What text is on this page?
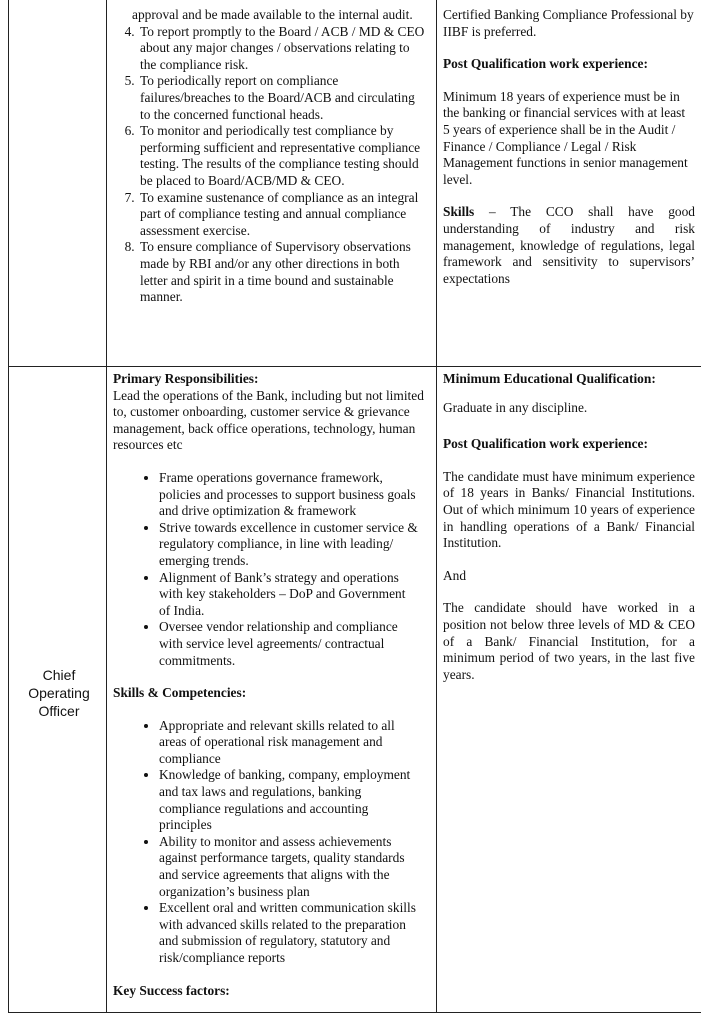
approval and be made available to the internal audit.
4. To report promptly to the Board / ACB / MD & CEO about any major changes / observations relating to the compliance risk.
5. To periodically report on compliance failures/breaches to the Board/ACB and circulating to the concerned functional heads.
6. To monitor and periodically test compliance by performing sufficient and representative compliance testing. The results of the compliance testing should be placed to Board/ACB/MD & CEO.
7. To examine sustenance of compliance as an integral part of compliance testing and annual compliance assessment exercise.
8. To ensure compliance of Supervisory observations made by RBI and/or any other directions in both letter and spirit in a time bound and sustainable manner.

Certified Banking Compliance Professional by IIBF is preferred.

Post Qualification work experience:

Minimum 18 years of experience must be in the banking or financial services with at least 5 years of experience shall be in the Audit / Finance / Compliance / Legal / Risk Management functions in senior management level.

Skills – The CCO shall have good understanding of industry and risk management, knowledge of regulations, legal framework and sensitivity to supervisors’ expectations

Chief Operating Officer

Primary Responsibilities:

Lead the operations of the Bank, including but not limited to, customer onboarding, customer service & grievance management, back office operations, technology, human resources etc

• Frame operations governance framework, policies and processes to support business goals and drive optimization & framework
• Strive towards excellence in customer service & regulatory compliance, in line with leading/ emerging trends.
• Alignment of Bank’s strategy and operations with key stakeholders – DoP and Government of India.
• Oversee vendor relationship and compliance with service level agreements/ contractual commitments.

Skills & Competencies:

• Appropriate and relevant skills related to all areas of operational risk management and compliance
• Knowledge of banking, company, employment and tax laws and regulations, banking compliance regulations and accounting principles
• Ability to monitor and assess achievements against performance targets, quality standards and service agreements that aligns with the organization’s business plan
• Excellent oral and written communication skills with advanced skills related to the preparation and submission of regulatory, statutory and risk/compliance reports

Key Success factors:

Minimum Educational Qualification:

Graduate in any discipline.

Post Qualification work experience:

The candidate must have minimum experience of 18 years in Banks/ Financial Institutions. Out of which minimum 10 years of experience in handling operations of a Bank/ Financial Institution.

And

The candidate should have worked in a position not below three levels of MD & CEO of a Bank/ Financial Institution, for a minimum period of two years, in the last five years.
